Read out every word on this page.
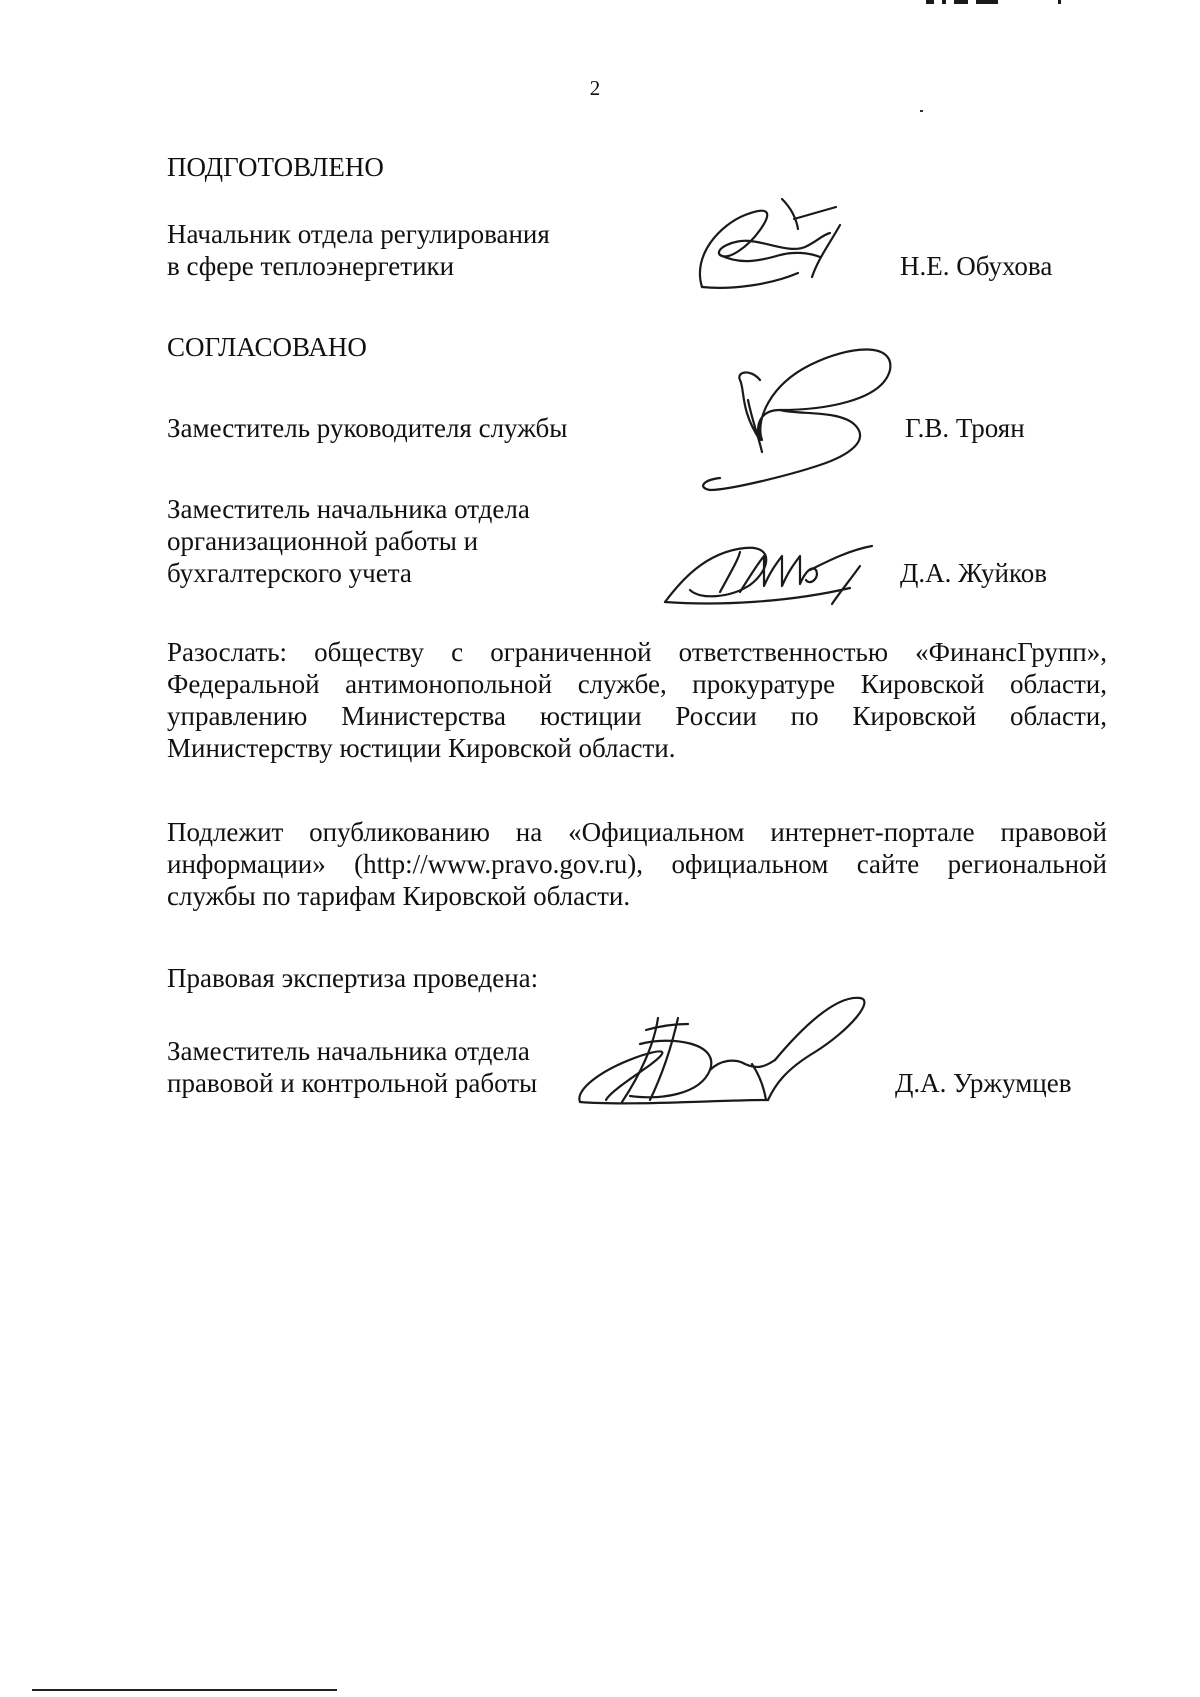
2
ПОДГОТОВЛЕНО
Начальник отдела регулирования
в сфере теплоэнергетики	Н.Е. Обухова
СОГЛАСОВАНО
Заместитель руководителя службы	Г.В. Троян
Заместитель начальника отдела
организационной работы и
бухгалтерского учета	Д.А. Жуйков
Разослать: обществу с ограниченной ответственностью «ФинансГрупп», Федеральной антимонопольной службе, прокуратуре Кировской области, управлению Министерства юстиции России по Кировской области, Министерству юстиции Кировской области.
Подлежит опубликованию на «Официальном интернет-портале правовой информации» (http://www.pravo.gov.ru), официальном сайте региональной службы по тарифам Кировской области.
Правовая экспертиза проведена:
Заместитель начальника отдела
правовой и контрольной работы	Д.А. Уржумцев
